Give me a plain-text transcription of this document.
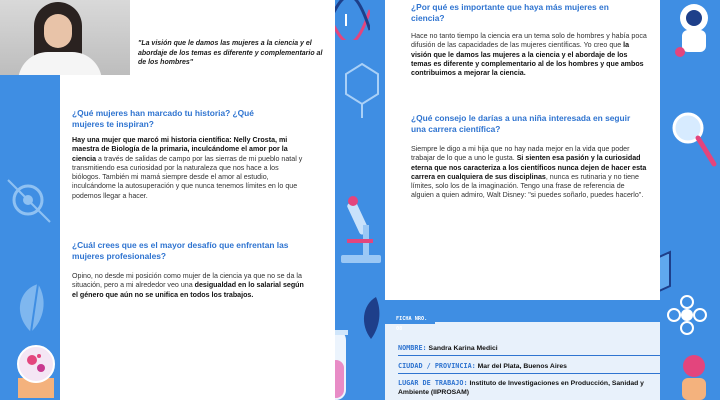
"La visión que le damos las mujeres a la ciencia y el abordaje de los temas es diferente y complementario al de los hombres"
¿Qué mujeres han marcado tu historia? ¿Qué mujeres te inspiran?
Hay una mujer que marcó mi historia científica: Nelly Crosta, mi maestra de Biología de la primaria, inculcándome el amor por la ciencia a través de salidas de campo por las sierras de mi pueblo natal y transmitiendo esa curiosidad por la naturaleza que nos hace a los biólogos. También mi mamá siempre desde el amor al estudio, inculcándome la autosuperación y que nunca tenemos límites en lo que podemos llegar a hacer.
¿Cuál crees que es el mayor desafío que enfrentan las mujeres profesionales?
Opino, no desde mi posición como mujer de la ciencia ya que no se da la situación, pero a mi alrededor veo una desigualdad en lo salarial según el género que aún no se unifica en todos los trabajos.
¿Por qué es importante que haya más mujeres en ciencia?
Hace no tanto tiempo la ciencia era un tema solo de hombres y había poca difusión de las capacidades de las mujeres científicas. Yo creo que la visión que le damos las mujeres a la ciencia y el abordaje de los temas es diferente y complementario al de los hombres y que ambos contribuimos a mejorar la ciencia.
¿Qué consejo le darías a una niña interesada en seguir una carrera científica?
Siempre le digo a mi hija que no hay nada mejor en la vida que poder trabajar de lo que a uno le gusta. Si sienten esa pasión y la curiosidad eterna que nos caracteriza a los científicos nunca dejen de hacer esta carrera en cualquiera de sus disciplinas, nunca es rutinaria y no tiene límites, solo los de la imaginación. Tengo una frase de referencia de alguien a quien admiro, Walt Disney: "si puedes soñarlo, puedes hacerlo".
FICHA NRO. 08
NOMBRE: Sandra Karina Medici
CIUDAD / PROVINCIA: Mar del Plata, Buenos Aires
LUGAR DE TRABAJO: Instituto de Investigaciones en Producción, Sanidad y Ambiente (IIPROSAM)
